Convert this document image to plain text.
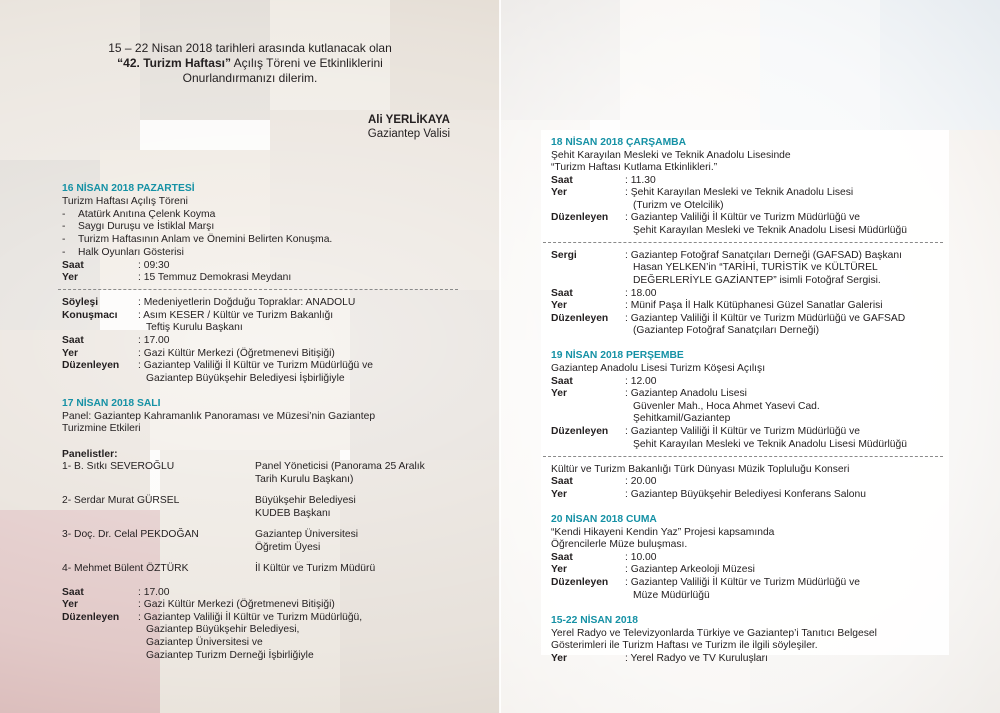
15 – 22 Nisan 2018 tarihleri arasında kutlanacak olan
“42. Turizm Haftası” Açılış Töreni ve Etkinliklerini
Onurlandırmanızı dilerim.
Ali YERLİKAYA
Gaziantep Valisi
16 NİSAN 2018 PAZARTESİ
Turizm Haftası Açılış Töreni
- Atatürk Anıtına Çelenk Koyma
- Saygı Duruşu ve İstiklal Marşı
- Turizm Haftasının Anlam ve Önemini Belirten Konuşma.
- Halk Oyunları Gösterisi
Saat	: 09:30
Yer	: 15 Temmuz Demokrasi Meydanı
Söyleşi	: Medeniyetlerin Doğduğu Topraklar: ANADOLU
Konuşmacı : Asım KESER / Kültür ve Turizm Bakanlığı
Teftiş Kurulu Başkanı
Saat	: 17.00
Yer	: Gazi Kültür Merkezi (Öğretmenevi Bitişiği)
Düzenleyen : Gaziantep Valiliği İl Kültür ve Turizm Müdürlüğü ve
Gaziantep Büyükşehir Belediyesi İşbirliğiyle
17 NİSAN 2018 SALI
Panel: Gaziantep Kahramanlık Panoraması ve Müzesi’nin Gaziantep
Turizmine Etkileri
Panelistler:
1- B. Sıtkı SEVEROĞLU	Panel Yöneticisi (Panorama 25 Aralık
Tarih Kurulu Başkanı)
2- Serdar Murat GÜRSEL	Büyükşehir Belediyesi
KUDEB Başkanı
3- Doç. Dr. Celal PEKDOĞAN	Gaziantep Üniversitesi
Öğretim Üyesi
4- Mehmet Bülent ÖZTÜRK	İl Kültür ve Turizm Müdürü
Saat	: 17.00
Yer	: Gazi Kültür Merkezi (Öğretmenevi Bitişiği)
Düzenleyen : Gaziantep Valiliği İl Kültür ve Turizm Müdürlüğü,
Gaziantep Büyükşehir Belediyesi,
Gaziantep Üniversitesi ve
Gaziantep Turizm Derneği İşbirliğiyle
18 NİSAN 2018 ÇARŞAMBA
Şehit Karayılan Mesleki ve Teknik Anadolu Lisesinde
“Turizm Haftası Kutlama Etkinlikleri.”
Saat	: 11.30
Yer	: Şehit Karayılan Mesleki ve Teknik Anadolu Lisesi
(Turizm ve Otelcilik)
Düzenleyen : Gaziantep Valiliği İl Kültür ve Turizm Müdürlüğü ve
Şehit Karayılan Mesleki ve Teknik Anadolu Lisesi Müdürlüğü
Sergi	: Gaziantep Fotoğraf Sanatçıları Derneği (GAFSAD) Başkanı
Hasan YELKEN’in “TARİHİ, TURİSTİK ve KÜLTÜREL
DEĞERLERİYLE GAZİANTEP” isimli Fotoğraf Sergisi.
Saat	: 18.00
Yer	: Münif Paşa İl Halk Kütüphanesi Güzel Sanatlar Galerisi
Düzenleyen : Gaziantep Valiliği İl Kültür ve Turizm Müdürlüğü ve GAFSAD
(Gaziantep Fotoğraf Sanatçıları Derneği)
19 NİSAN 2018 PERŞEMBE
Gaziantep Anadolu Lisesi Turizm Köşesi Açılışı
Saat	: 12.00
Yer	: Gaziantep Anadolu Lisesi
Güvenler Mah., Hoca Ahmet Yasevi Cad.
Şehitkamil/Gaziantep
Düzenleyen : Gaziantep Valiliği İl Kültür ve Turizm Müdürlüğü ve
Şehit Karayılan Mesleki ve Teknik Anadolu Lisesi Müdürlüğü
Kültür ve Turizm Bakanlığı Türk Dünyası Müzik Topluluğu Konseri
Saat	: 20.00
Yer	: Gaziantep Büyükşehir Belediyesi Konferans Salonu
20 NİSAN 2018 CUMA
“Kendi Hikayeni Kendin Yaz” Projesi kapsamında
Öğrencilerle Müze buluşması.
Saat	: 10.00
Yer	: Gaziantep Arkeoloji Müzesi
Düzenleyen : Gaziantep Valiliği İl Kültür ve Turizm Müdürlüğü ve
Müze Müdürlüğü
15-22 NİSAN 2018
Yerel Radyo ve Televizyonlarda Türkiye ve Gaziantep’i Tanıtıcı Belgesel
Gösterimleri ile Turizm Haftası ve Turizm ile ilgili söyleşiler.
Yer	: Yerel Radyo ve TV Kuruluşları
